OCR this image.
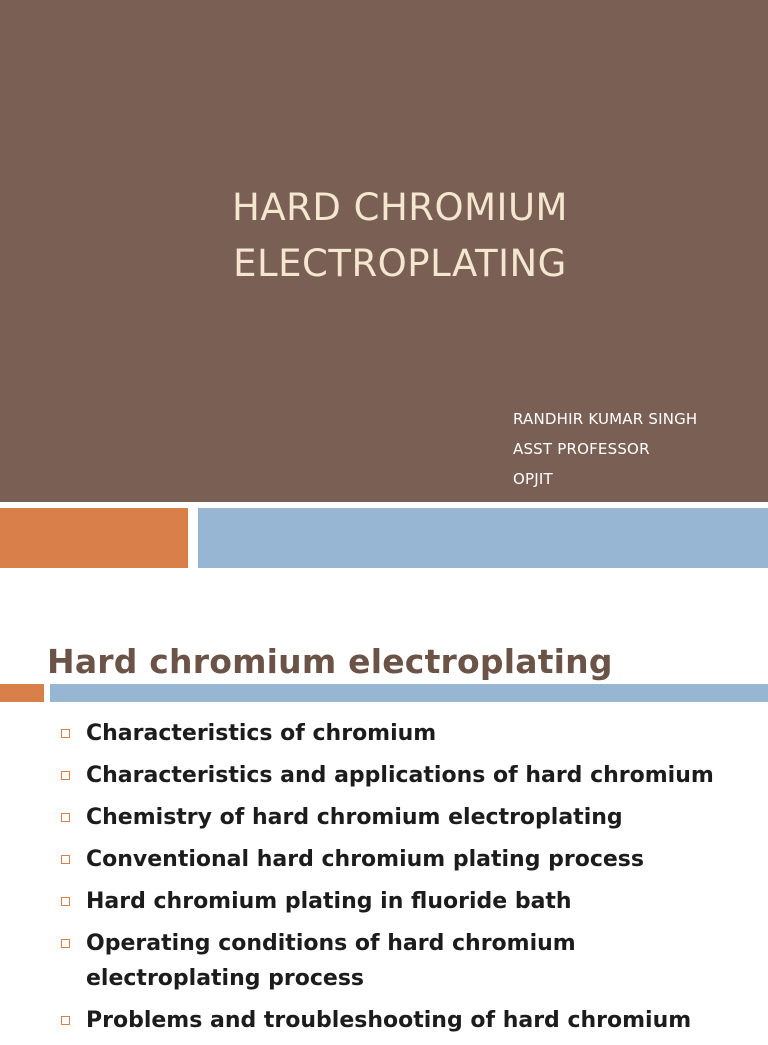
HARD CHROMIUM
ELECTROPLATING
RANDHIR KUMAR SINGH
ASST PROFESSOR
OPJIT
Hard chromium electroplating
Characteristics of chromium
Characteristics and applications of hard chromium
Chemistry of hard chromium electroplating
Conventional hard chromium plating process
Hard chromium plating in fluoride bath
Operating conditions of hard chromium electroplating process
Problems and troubleshooting of hard chromium
